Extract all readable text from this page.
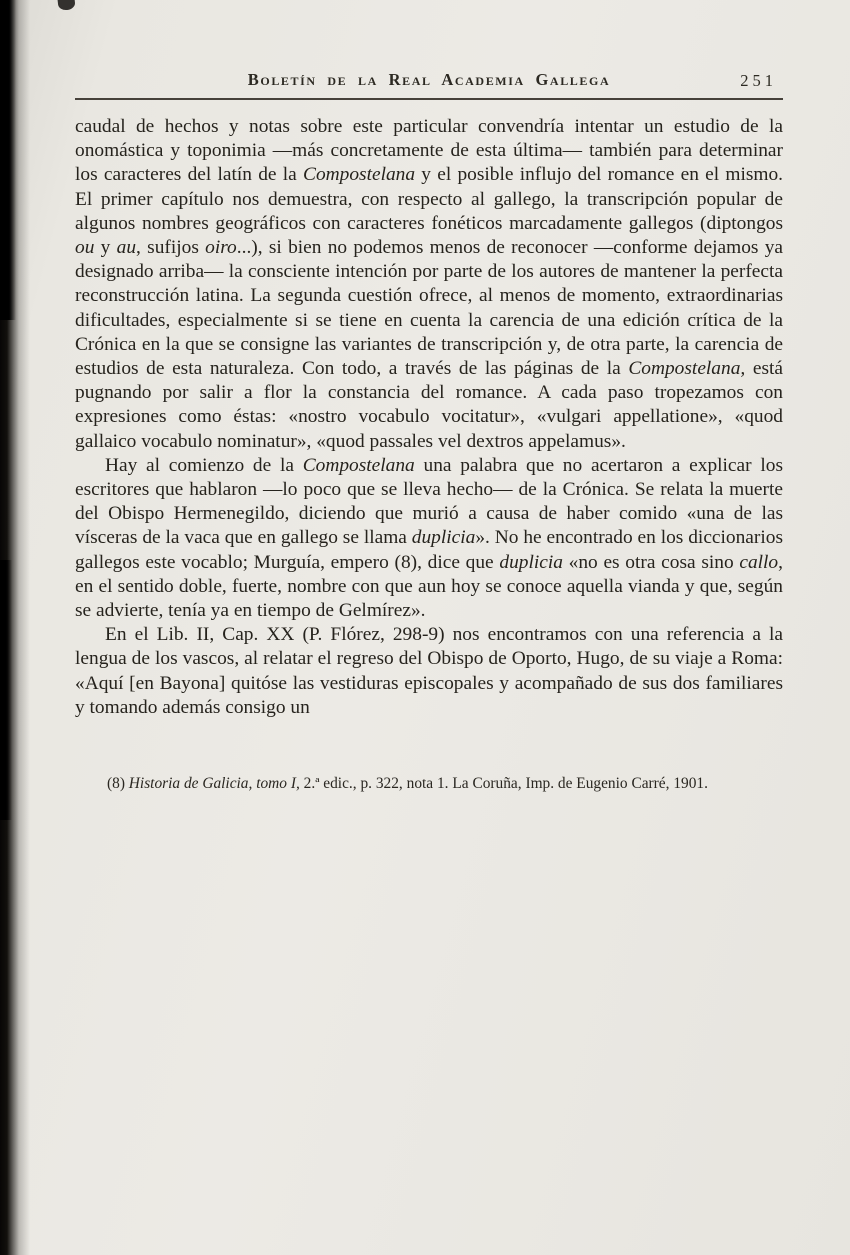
Boletín de la Real Academia Gallega	251

caudal de hechos y notas sobre este particular convendría intentar un estudio de la onomástica y toponimia —más concretamente de esta última— también para determinar los caracteres del latín de la Compostelana y el posible influjo del romance en el mismo. El primer capítulo nos demuestra, con respecto al gallego, la transcripción popular de algunos nombres geográficos con caracteres fonéticos marcadamente gallegos (diptongos ou y au, sufijos oiro...), si bien no podemos menos de reconocer —conforme dejamos ya designado arriba— la consciente intención por parte de los autores de mantener la perfecta reconstrucción latina. La segunda cuestión ofrece, al menos de momento, extraordinarias dificultades, especialmente si se tiene en cuenta la carencia de una edición crítica de la Crónica en la que se consigne las variantes de transcripción y, de otra parte, la carencia de estudios de esta naturaleza. Con todo, a través de las páginas de la Compostelana, está pugnando por salir a flor la constancia del romance. A cada paso tropezamos con expresiones como éstas: «nostro vocabulo vocitatur», «vulgari appellatione», «quod gallaico vocabulo nominatur», «quod passales vel dextros appelamus».

Hay al comienzo de la Compostelana una palabra que no acertaron a explicar los escritores que hablaron —lo poco que se lleva hecho— de la Crónica. Se relata la muerte del Obispo Hermenegildo, diciendo que murió a causa de haber comido «una de las vísceras de la vaca que en gallego se llama duplicia». No he encontrado en los diccionarios gallegos este vocablo; Murguía, empero (8), dice que duplicia «no es otra cosa sino callo, en el sentido doble, fuerte, nombre con que aun hoy se conoce aquella vianda y que, según se advierte, tenía ya en tiempo de Gelmírez».

En el Lib. II, Cap. XX (P. Flórez, 298-9) nos encontramos con una referencia a la lengua de los vascos, al relatar el regreso del Obispo de Oporto, Hugo, de su viaje a Roma: «Aquí [en Bayona] quitóse las vestiduras episcopales y acompañado de sus dos familiares y tomando además consigo un

(8) Historia de Galicia, tomo I, 2.ª edic., p. 322, nota 1. La Coruña, Imp. de Eugenio Carré, 1901.
